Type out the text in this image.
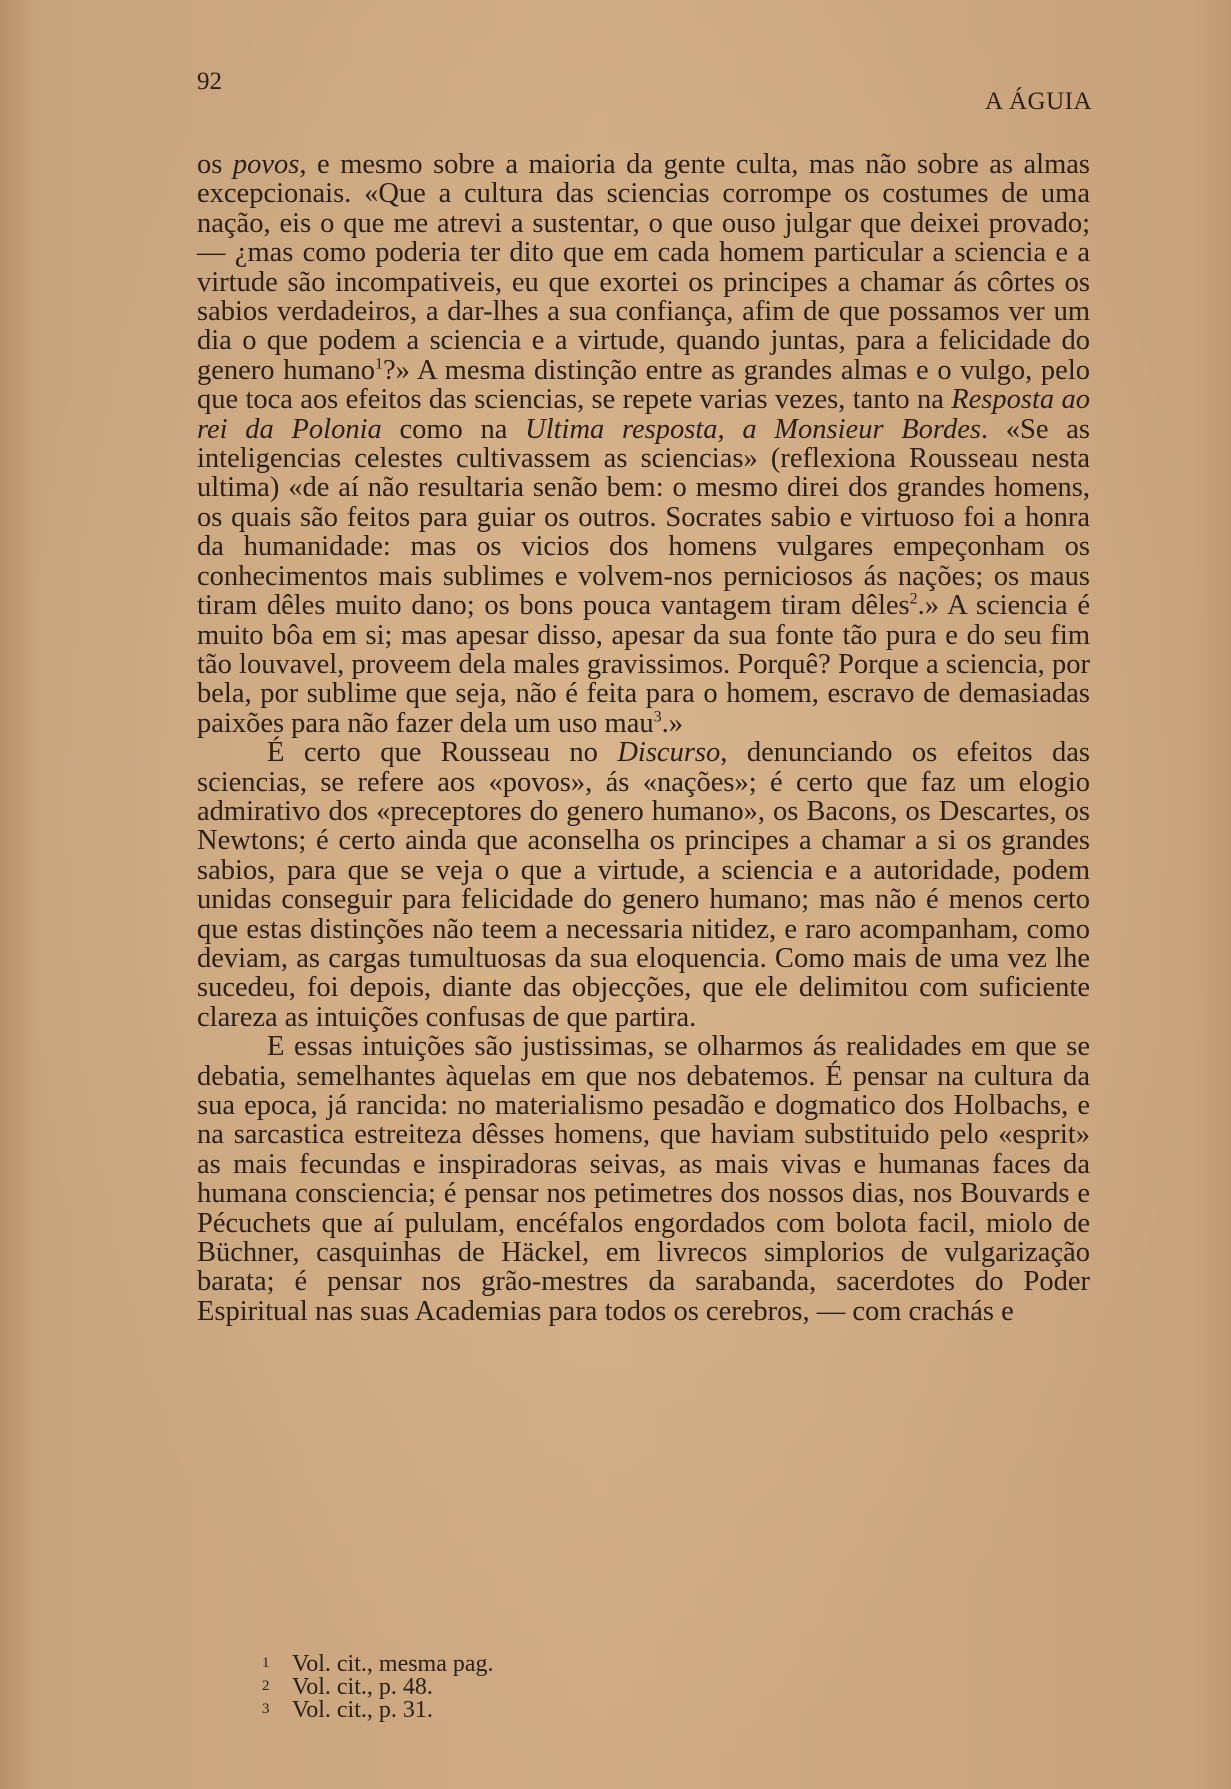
92
A ÁGUIA

os povos, e mesmo sobre a maioria da gente culta, mas não sobre as almas excepcionais. «Que a cultura das sciencias corrompe os costumes de uma nação, eis o que me atrevi a sustentar, o que ouso julgar que deixei provado; — ¿mas como poderia ter dito que em cada homem particular a sciencia e a virtude são incompativeis, eu que exortei os principes a chamar ás côrtes os sabios verdadeiros, a dar-lhes a sua confiança, afim de que possamos ver um dia o que podem a sciencia e a virtude, quando juntas, para a felicidade do genero humano$^1$?» A mesma distinção entre as grandes almas e o vulgo, pelo que toca aos efeitos das sciencias, se repete varias vezes, tanto na Resposta ao rei da Polonia como na Ultima resposta, a Monsieur Bordes. «Se as inteligencias celestes cultivassem as sciencias» (reflexiona Rousseau nesta ultima) «de aí não resultaria senão bem: o mesmo direi dos grandes homens, os quais são feitos para guiar os outros. Socrates sabio e virtuoso foi a honra da humanidade: mas os vicios dos homens vulgares empeçonham os conhecimentos mais sublimes e volvem-nos perniciosos ás nações; os maus tiram dêles muito dano; os bons pouca vantagem tiram dêles$^2$.» A sciencia é muito bôa em si; mas apesar disso, apesar da sua fonte tão pura e do seu fim tão louvavel, proveem dela males gravissimos. Porquê? Porque a sciencia, por bela, por sublime que seja, não é feita para o homem, escravo de demasiadas paixões para não fazer dela um uso mau$^3$.»

É certo que Rousseau no Discurso, denunciando os efeitos das sciencias, se refere aos «povos», ás «nações»; é certo que faz um elogio admirativo dos «preceptores do genero humano», os Bacons, os Descartes, os Newtons; é certo ainda que aconselha os principes a chamar a si os grandes sabios, para que se veja o que a virtude, a sciencia e a autoridade, podem unidas conseguir para felicidade do genero humano; mas não é menos certo que estas distinções não teem a necessaria nitidez, e raro acompanham, como deviam, as cargas tumultuosas da sua eloquencia. Como mais de uma vez lhe sucedeu, foi depois, diante das objecções, que ele delimitou com suficiente clareza as intuições confusas de que partira.

E essas intuições são justissimas, se olharmos ás realidades em que se debatia, semelhantes àquelas em que nos debatemos. É pensar na cultura da sua epoca, já rancida: no materialismo pesadão e dogmatico dos Holbachs, e na sarcastica estreiteza dêsses homens, que haviam substituido pelo «esprit» as mais fecundas e inspiradoras seivas, as mais vivas e humanas faces da humana consciencia; é pensar nos petimetres dos nossos dias, nos Bouvards e Pécuchets que aí pululam, encéfalos engordados com bolota facil, miolo de Büchner, casquinhas de Häckel, em livrecos simplorios de vulgarização barata; é pensar nos grão-mestres da sarabanda, sacerdotes do Poder Espiritual nas suas Academias para todos os cerebros, — com crachás e

1 Vol. cit., mesma pag.
2 Vol. cit., p. 48.
3 Vol. cit., p. 31.
